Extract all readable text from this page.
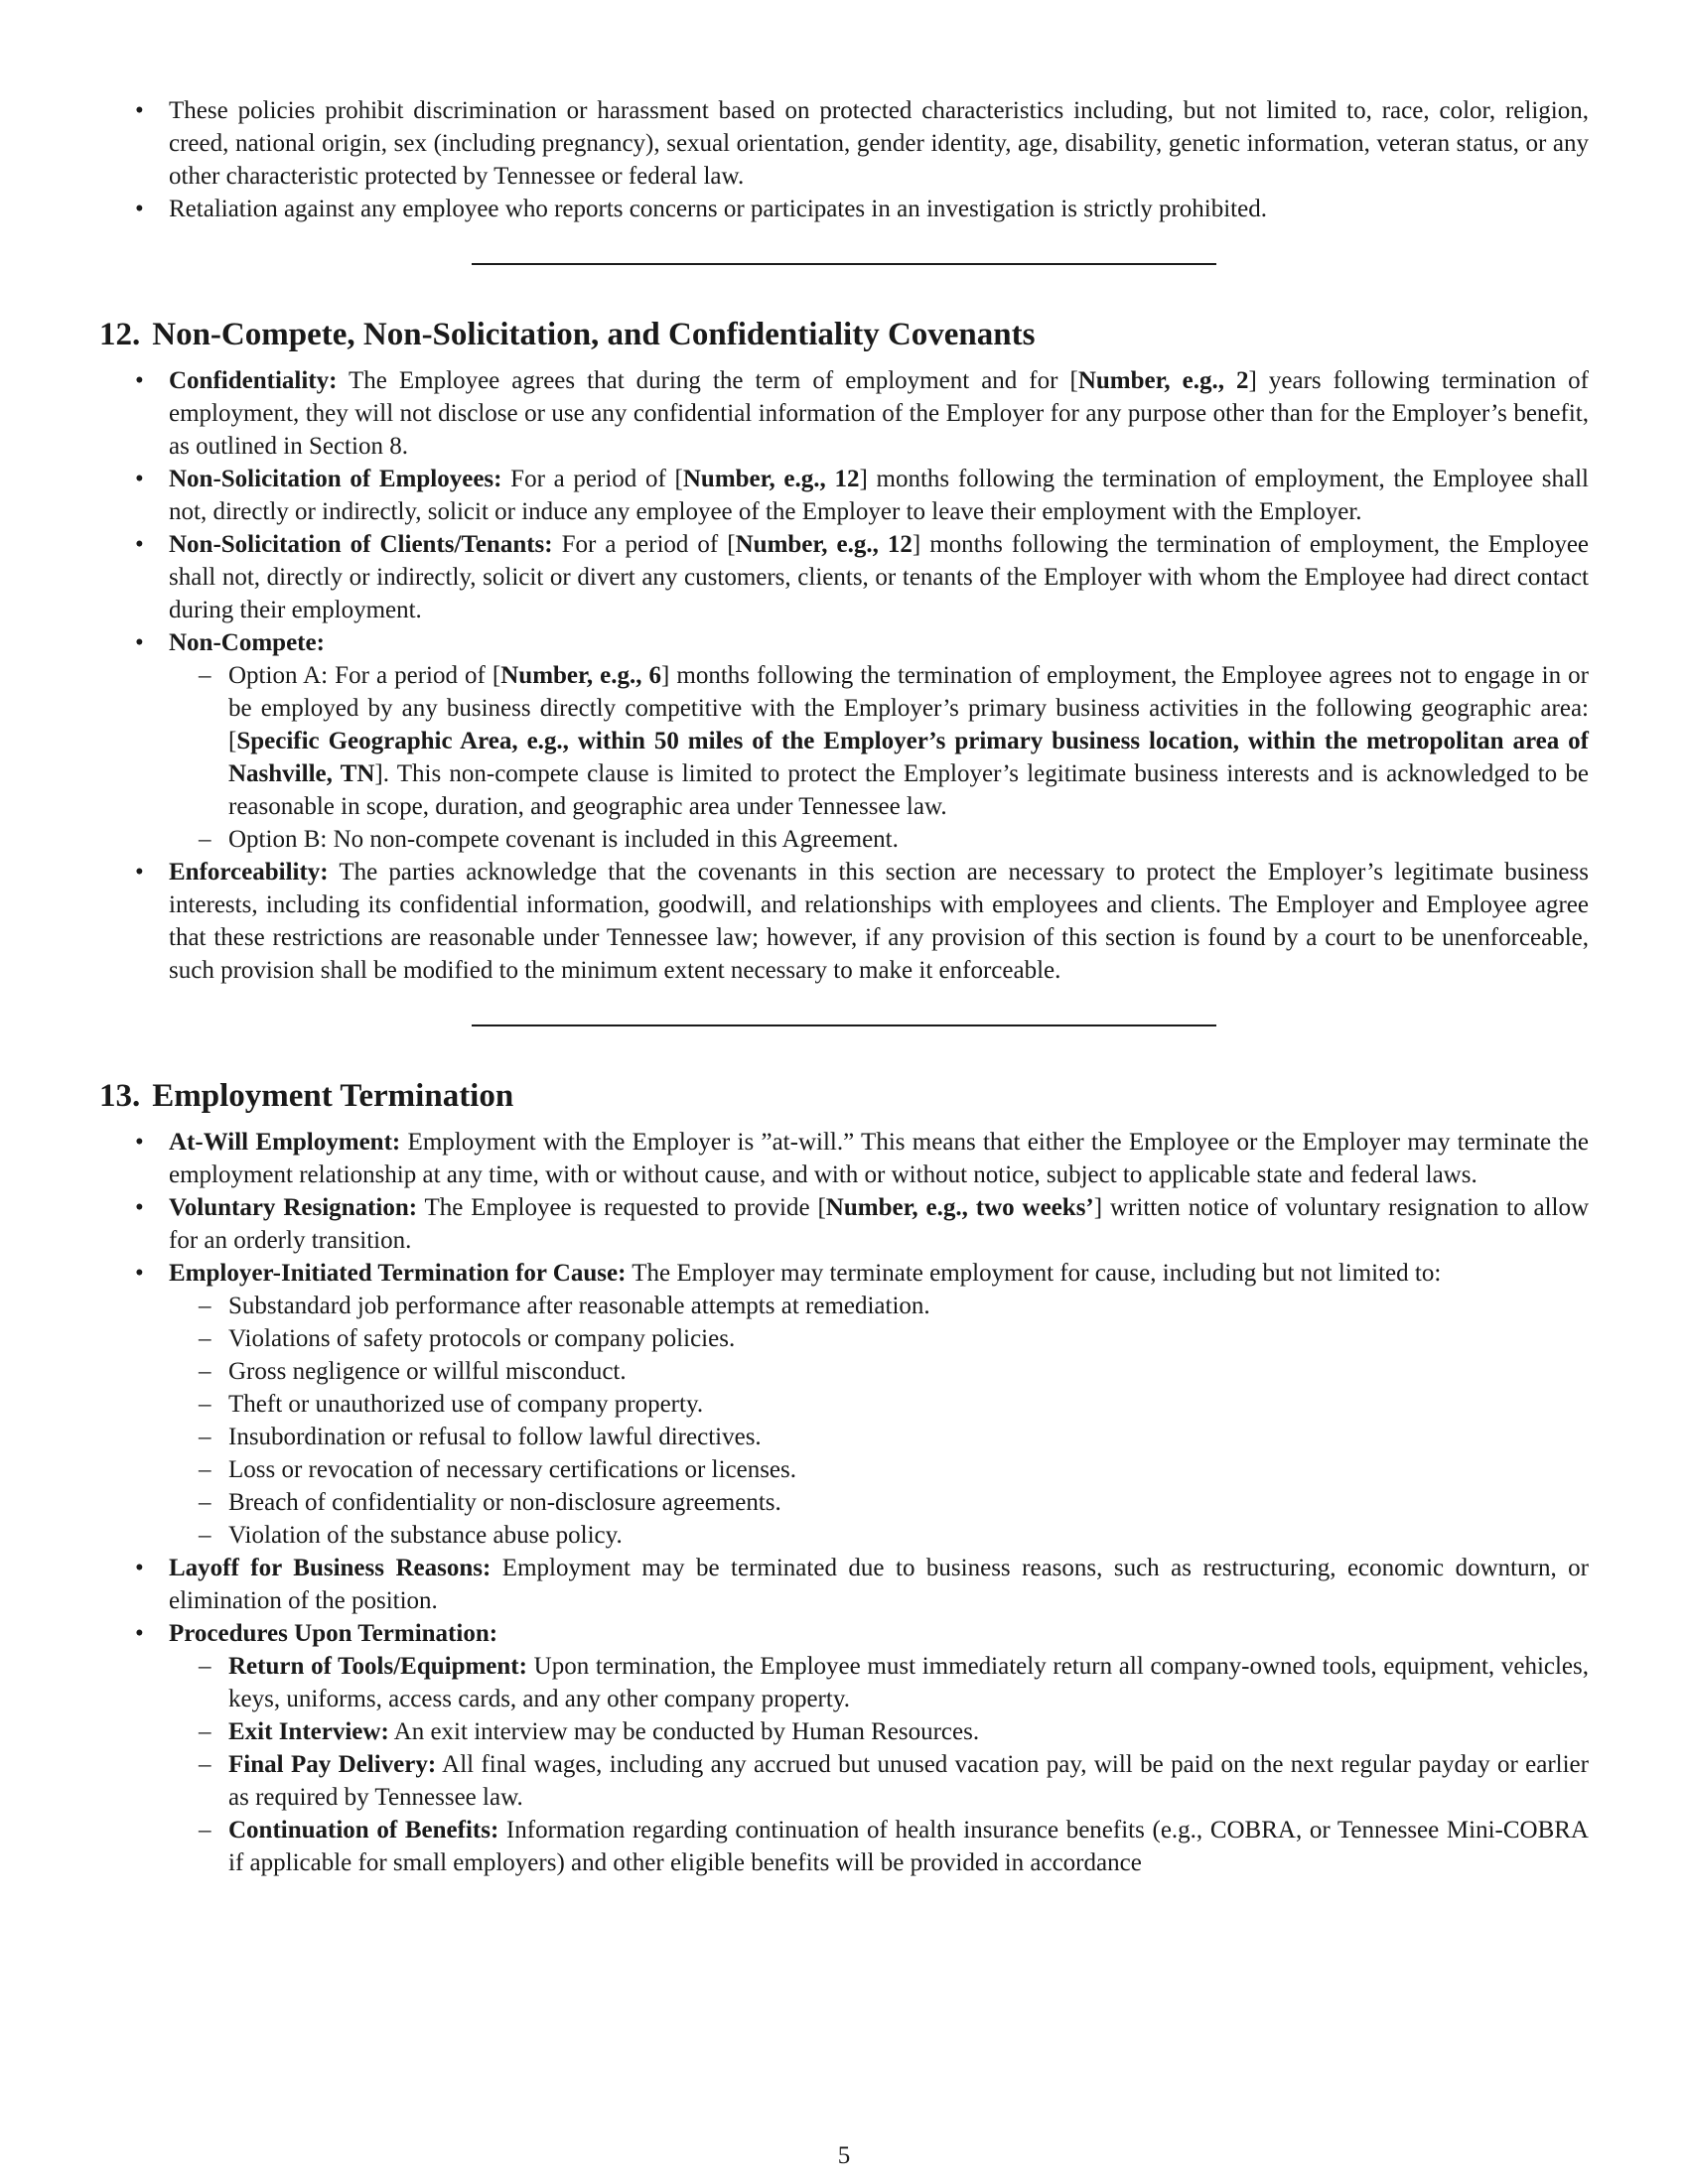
• These policies prohibit discrimination or harassment based on protected characteristics including, but not limited to, race, color, religion, creed, national origin, sex (including pregnancy), sexual orientation, gender identity, age, disability, genetic information, veteran status, or any other characteristic protected by Tennessee or federal law.
• Retaliation against any employee who reports concerns or participates in an investigation is strictly prohibited.
12. Non-Compete, Non-Solicitation, and Confidentiality Covenants
• Confidentiality: The Employee agrees that during the term of employment and for [Number, e.g., 2] years following termination of employment, they will not disclose or use any confidential information of the Employer for any purpose other than for the Employer’s benefit, as outlined in Section 8.
• Non-Solicitation of Employees: For a period of [Number, e.g., 12] months following the termination of employment, the Employee shall not, directly or indirectly, solicit or induce any employee of the Employer to leave their employment with the Employer.
• Non-Solicitation of Clients/Tenants: For a period of [Number, e.g., 12] months following the termination of employment, the Employee shall not, directly or indirectly, solicit or divert any customers, clients, or tenants of the Employer with whom the Employee had direct contact during their employment.
• Non-Compete:
– Option A: For a period of [Number, e.g., 6] months following the termination of employment, the Employee agrees not to engage in or be employed by any business directly competitive with the Employer’s primary business activities in the following geographic area: [Specific Geographic Area, e.g., within 50 miles of the Employer’s primary business location, within the metropolitan area of Nashville, TN]. This non-compete clause is limited to protect the Employer’s legitimate business interests and is acknowledged to be reasonable in scope, duration, and geographic area under Tennessee law.
– Option B: No non-compete covenant is included in this Agreement.
• Enforceability: The parties acknowledge that the covenants in this section are necessary to protect the Employer’s legitimate business interests, including its confidential information, goodwill, and relationships with employees and clients. The Employer and Employee agree that these restrictions are reasonable under Tennessee law; however, if any provision of this section is found by a court to be unenforceable, such provision shall be modified to the minimum extent necessary to make it enforceable.
13. Employment Termination
• At-Will Employment: Employment with the Employer is ”at-will.” This means that either the Employee or the Employer may terminate the employment relationship at any time, with or without cause, and with or without notice, subject to applicable state and federal laws.
• Voluntary Resignation: The Employee is requested to provide [Number, e.g., two weeks’] written notice of voluntary resignation to allow for an orderly transition.
• Employer-Initiated Termination for Cause: The Employer may terminate employment for cause, including but not limited to:
– Substandard job performance after reasonable attempts at remediation.
– Violations of safety protocols or company policies.
– Gross negligence or willful misconduct.
– Theft or unauthorized use of company property.
– Insubordination or refusal to follow lawful directives.
– Loss or revocation of necessary certifications or licenses.
– Breach of confidentiality or non-disclosure agreements.
– Violation of the substance abuse policy.
• Layoff for Business Reasons: Employment may be terminated due to business reasons, such as restructuring, economic downturn, or elimination of the position.
• Procedures Upon Termination:
– Return of Tools/Equipment: Upon termination, the Employee must immediately return all company-owned tools, equipment, vehicles, keys, uniforms, access cards, and any other company property.
– Exit Interview: An exit interview may be conducted by Human Resources.
– Final Pay Delivery: All final wages, including any accrued but unused vacation pay, will be paid on the next regular payday or earlier as required by Tennessee law.
– Continuation of Benefits: Information regarding continuation of health insurance benefits (e.g., COBRA, or Tennessee Mini-COBRA if applicable for small employers) and other eligible benefits will be provided in accordance
5
